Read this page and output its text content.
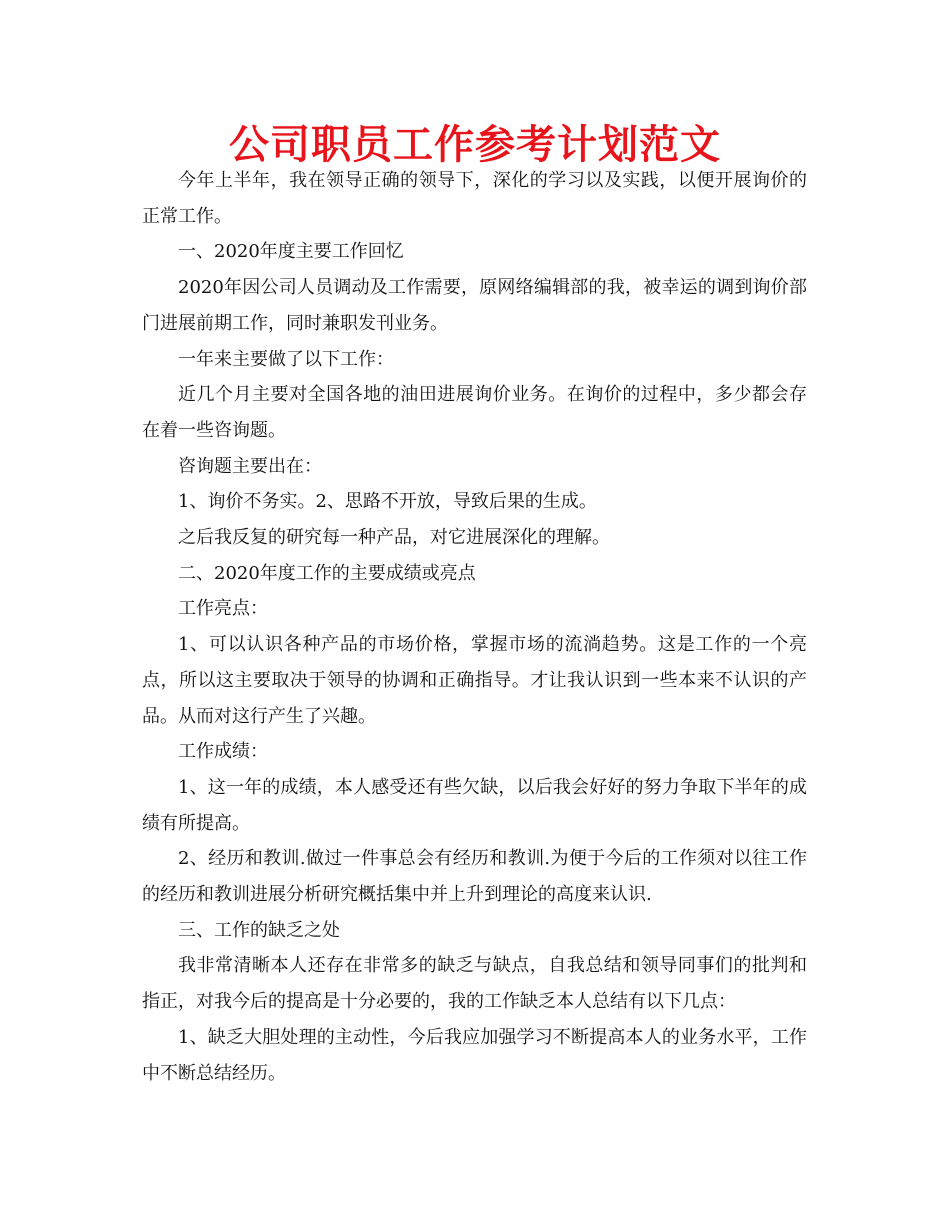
公司职员工作参考计划范文

今年上半年，我在领导正确的领导下，深化的学习以及实践，以便开展询价的正常工作。

一、2020年度主要工作回忆

2020年因公司人员调动及工作需要，原网络编辑部的我，被幸运的调到询价部门进展前期工作，同时兼职发刊业务。

一年来主要做了以下工作：

近几个月主要对全国各地的油田进展询价业务。在询价的过程中，多少都会存在着一些咨询题。

咨询题主要出在：

1、询价不务实。2、思路不开放，导致后果的生成。

之后我反复的研究每一种产品，对它进展深化的理解。

二、2020年度工作的主要成绩或亮点

工作亮点：

1、可以认识各种产品的市场价格，掌握市场的流淌趋势。这是工作的一个亮点，所以这主要取决于领导的协调和正确指导。才让我认识到一些本来不认识的产品。从而对这行产生了兴趣。

工作成绩：

1、这一年的成绩，本人感受还有些欠缺，以后我会好好的努力争取下半年的成绩有所提高。

2、经历和教训.做过一件事总会有经历和教训.为便于今后的工作须对以往工作的经历和教训进展分析研究概括集中并上升到理论的高度来认识.

三、工作的缺乏之处

我非常清晰本人还存在非常多的缺乏与缺点，自我总结和领导同事们的批判和指正，对我今后的提高是十分必要的，我的工作缺乏本人总结有以下几点：

1、缺乏大胆处理的主动性，今后我应加强学习不断提高本人的业务水平，工作中不断总结经历。
